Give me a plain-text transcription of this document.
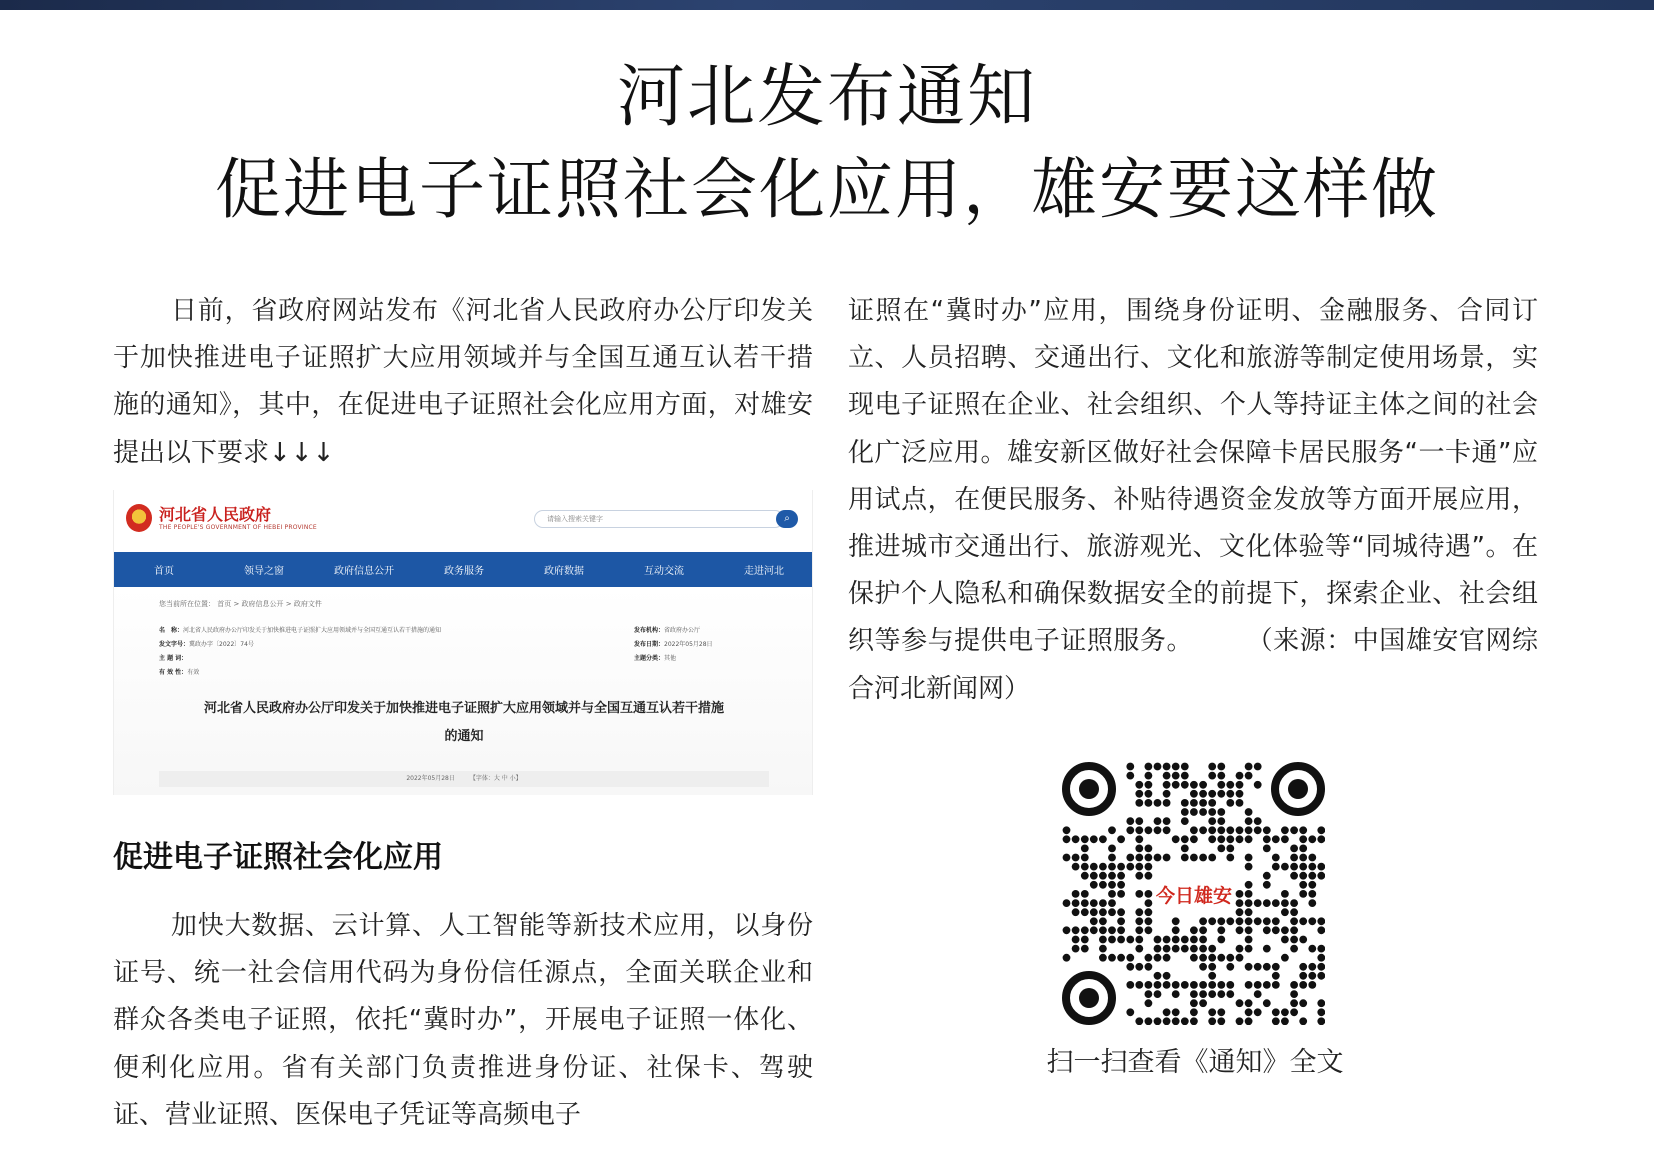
河北发布通知
促进电子证照社会化应用，雄安要这样做

日前，省政府网站发布《河北省人民政府办公厅印发关于加快推进电子证照扩大应用领域并与全国互通互认若干措施的通知》，其中，在促进电子证照社会化应用方面，对雄安提出以下要求↓↓↓

河北省人民政府
THE PEOPLE'S GOVERNMENT OF HEBEI PROVINCE
请输入搜索关键字	⌕
首页	领导之窗	政府信息公开	政务服务	政府数据	互动交流	走进河北
您当前所在位置： 首页 > 政府信息公开 > 政府文件
名　称：河北省人民政府办公厅印发关于加快推进电子证照扩大应用领域并与全国互通互认若干措施的通知
发文字号：冀政办字〔2022〕74号
主 题 词：
有 效 性：有效
发布机构：省政府办公厅
发布日期：2022年05月28日
主题分类：其他
河北省人民政府办公厅印发关于加快推进电子证照扩大应用领域并与全国互通互认若干措施
的通知
2022年05月28日　　　【字体：大 中 小】
促进电子证照社会化应用

加快大数据、云计算、人工智能等新技术应用，以身份证号、统一社会信用代码为身份信任源点，全面关联企业和群众各类电子证照，依托“冀时办”，开展电子证照一体化、便利化应用。省有关部门负责推进身份证、社保卡、驾驶证、营业证照、医保电子凭证等高频电子

证照在“冀时办”应用，围绕身份证明、金融服务、合同订立、人员招聘、交通出行、文化和旅游等制定使用场景，实现电子证照在企业、社会组织、个人等持证主体之间的社会化广泛应用。雄安新区做好社会保障卡居民服务“一卡通”应用试点，在便民服务、补贴待遇资金发放等方面开展应用，推进城市交通出行、旅游观光、文化体验等“同城待遇”。在保护个人隐私和确保数据安全的前提下，探索企业、社会组织等参与提供电子证照服务。　　　（来源：中国雄安官网综合河北新闻网）

今日雄安
扫一扫查看《通知》全文
